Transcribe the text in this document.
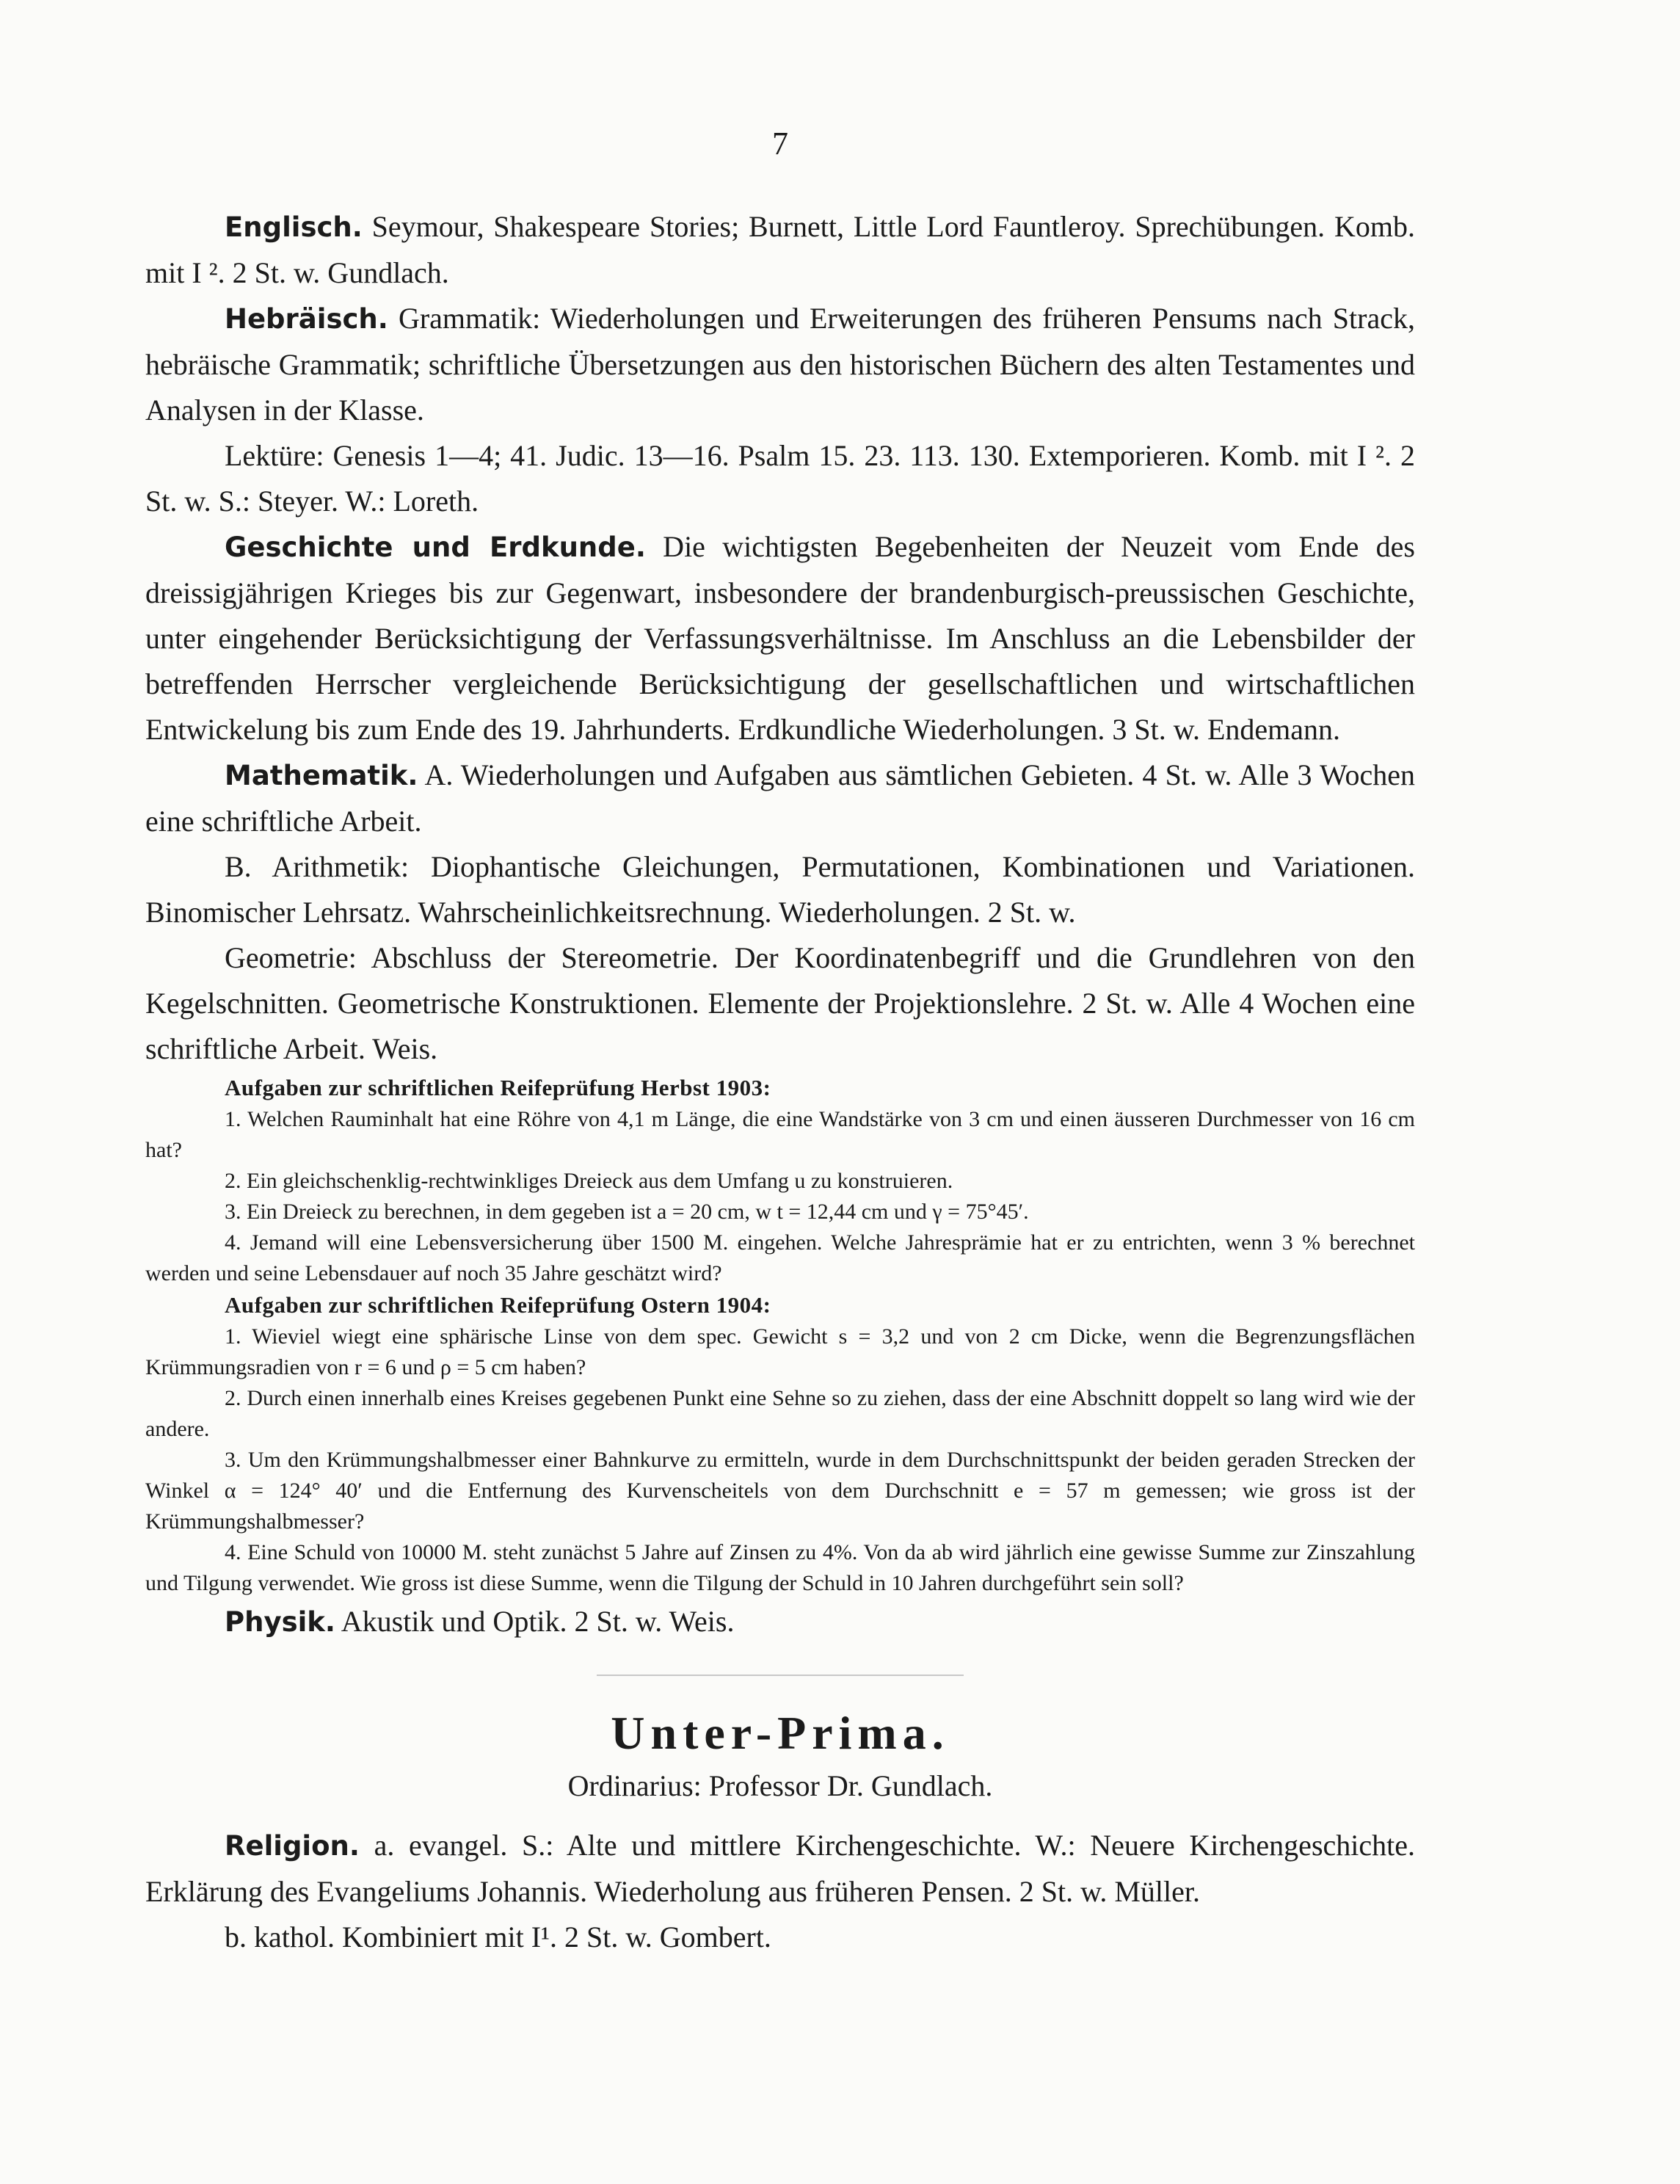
7

Englisch. Seymour, Shakespeare Stories; Burnett, Little Lord Fauntleroy. Sprechübungen. Komb. mit I ². 2 St. w. Gundlach.

Hebräisch. Grammatik: Wiederholungen und Erweiterungen des früheren Pensums nach Strack, hebräische Grammatik; schriftliche Übersetzungen aus den historischen Büchern des alten Testamentes und Analysen in der Klasse.

Lektüre: Genesis 1—4; 41. Judic. 13—16. Psalm 15. 23. 113. 130. Extemporieren. Komb. mit I ². 2 St. w. S.: Steyer. W.: Loreth.

Geschichte und Erdkunde. Die wichtigsten Begebenheiten der Neuzeit vom Ende des dreissigjährigen Krieges bis zur Gegenwart, insbesondere der brandenburgisch-preussischen Geschichte, unter eingehender Berücksichtigung der Verfassungsverhältnisse. Im Anschluss an die Lebensbilder der betreffenden Herrscher vergleichende Berücksichtigung der gesellschaftlichen und wirtschaftlichen Entwickelung bis zum Ende des 19. Jahrhunderts. Erdkundliche Wiederholungen. 3 St. w. Endemann.

Mathematik. A. Wiederholungen und Aufgaben aus sämtlichen Gebieten. 4 St. w. Alle 3 Wochen eine schriftliche Arbeit.

B. Arithmetik: Diophantische Gleichungen, Permutationen, Kombinationen und Variationen. Binomischer Lehrsatz. Wahrscheinlichkeitsrechnung. Wiederholungen. 2 St. w.

Geometrie: Abschluss der Stereometrie. Der Koordinatenbegriff und die Grundlehren von den Kegelschnitten. Geometrische Konstruktionen. Elemente der Projektionslehre. 2 St. w. Alle 4 Wochen eine schriftliche Arbeit. Weis.

Aufgaben zur schriftlichen Reifeprüfung Herbst 1903:

1. Welchen Rauminhalt hat eine Röhre von 4,1 m Länge, die eine Wandstärke von 3 cm und einen äusseren Durchmesser von 16 cm hat?

2. Ein gleichschenklig-rechtwinkliges Dreieck aus dem Umfang u zu konstruieren.

3. Ein Dreieck zu berechnen, in dem gegeben ist a = 20 cm, w t = 12,44 cm und γ = 75°45′.

4. Jemand will eine Lebensversicherung über 1500 M. eingehen. Welche Jahresprämie hat er zu entrichten, wenn 3 % berechnet werden und seine Lebensdauer auf noch 35 Jahre geschätzt wird?

Aufgaben zur schriftlichen Reifeprüfung Ostern 1904:

1. Wieviel wiegt eine sphärische Linse von dem spec. Gewicht s = 3,2 und von 2 cm Dicke, wenn die Begrenzungsflächen Krümmungsradien von r = 6 und ρ = 5 cm haben?

2. Durch einen innerhalb eines Kreises gegebenen Punkt eine Sehne so zu ziehen, dass der eine Abschnitt doppelt so lang wird wie der andere.

3. Um den Krümmungshalbmesser einer Bahnkurve zu ermitteln, wurde in dem Durchschnittspunkt der beiden geraden Strecken der Winkel α = 124° 40′ und die Entfernung des Kurvenscheitels von dem Durchschnitt e = 57 m gemessen; wie gross ist der Krümmungshalbmesser?

4. Eine Schuld von 10000 M. steht zunächst 5 Jahre auf Zinsen zu 4%. Von da ab wird jährlich eine gewisse Summe zur Zinszahlung und Tilgung verwendet. Wie gross ist diese Summe, wenn die Tilgung der Schuld in 10 Jahren durchgeführt sein soll?

Physik. Akustik und Optik. 2 St. w. Weis.

Unter-Prima.
Ordinarius: Professor Dr. Gundlach.

Religion. a. evangel. S.: Alte und mittlere Kirchengeschichte. W.: Neuere Kirchengeschichte. Erklärung des Evangeliums Johannis. Wiederholung aus früheren Pensen. 2 St. w. Müller.

b. kathol. Kombiniert mit I¹. 2 St. w. Gombert.
